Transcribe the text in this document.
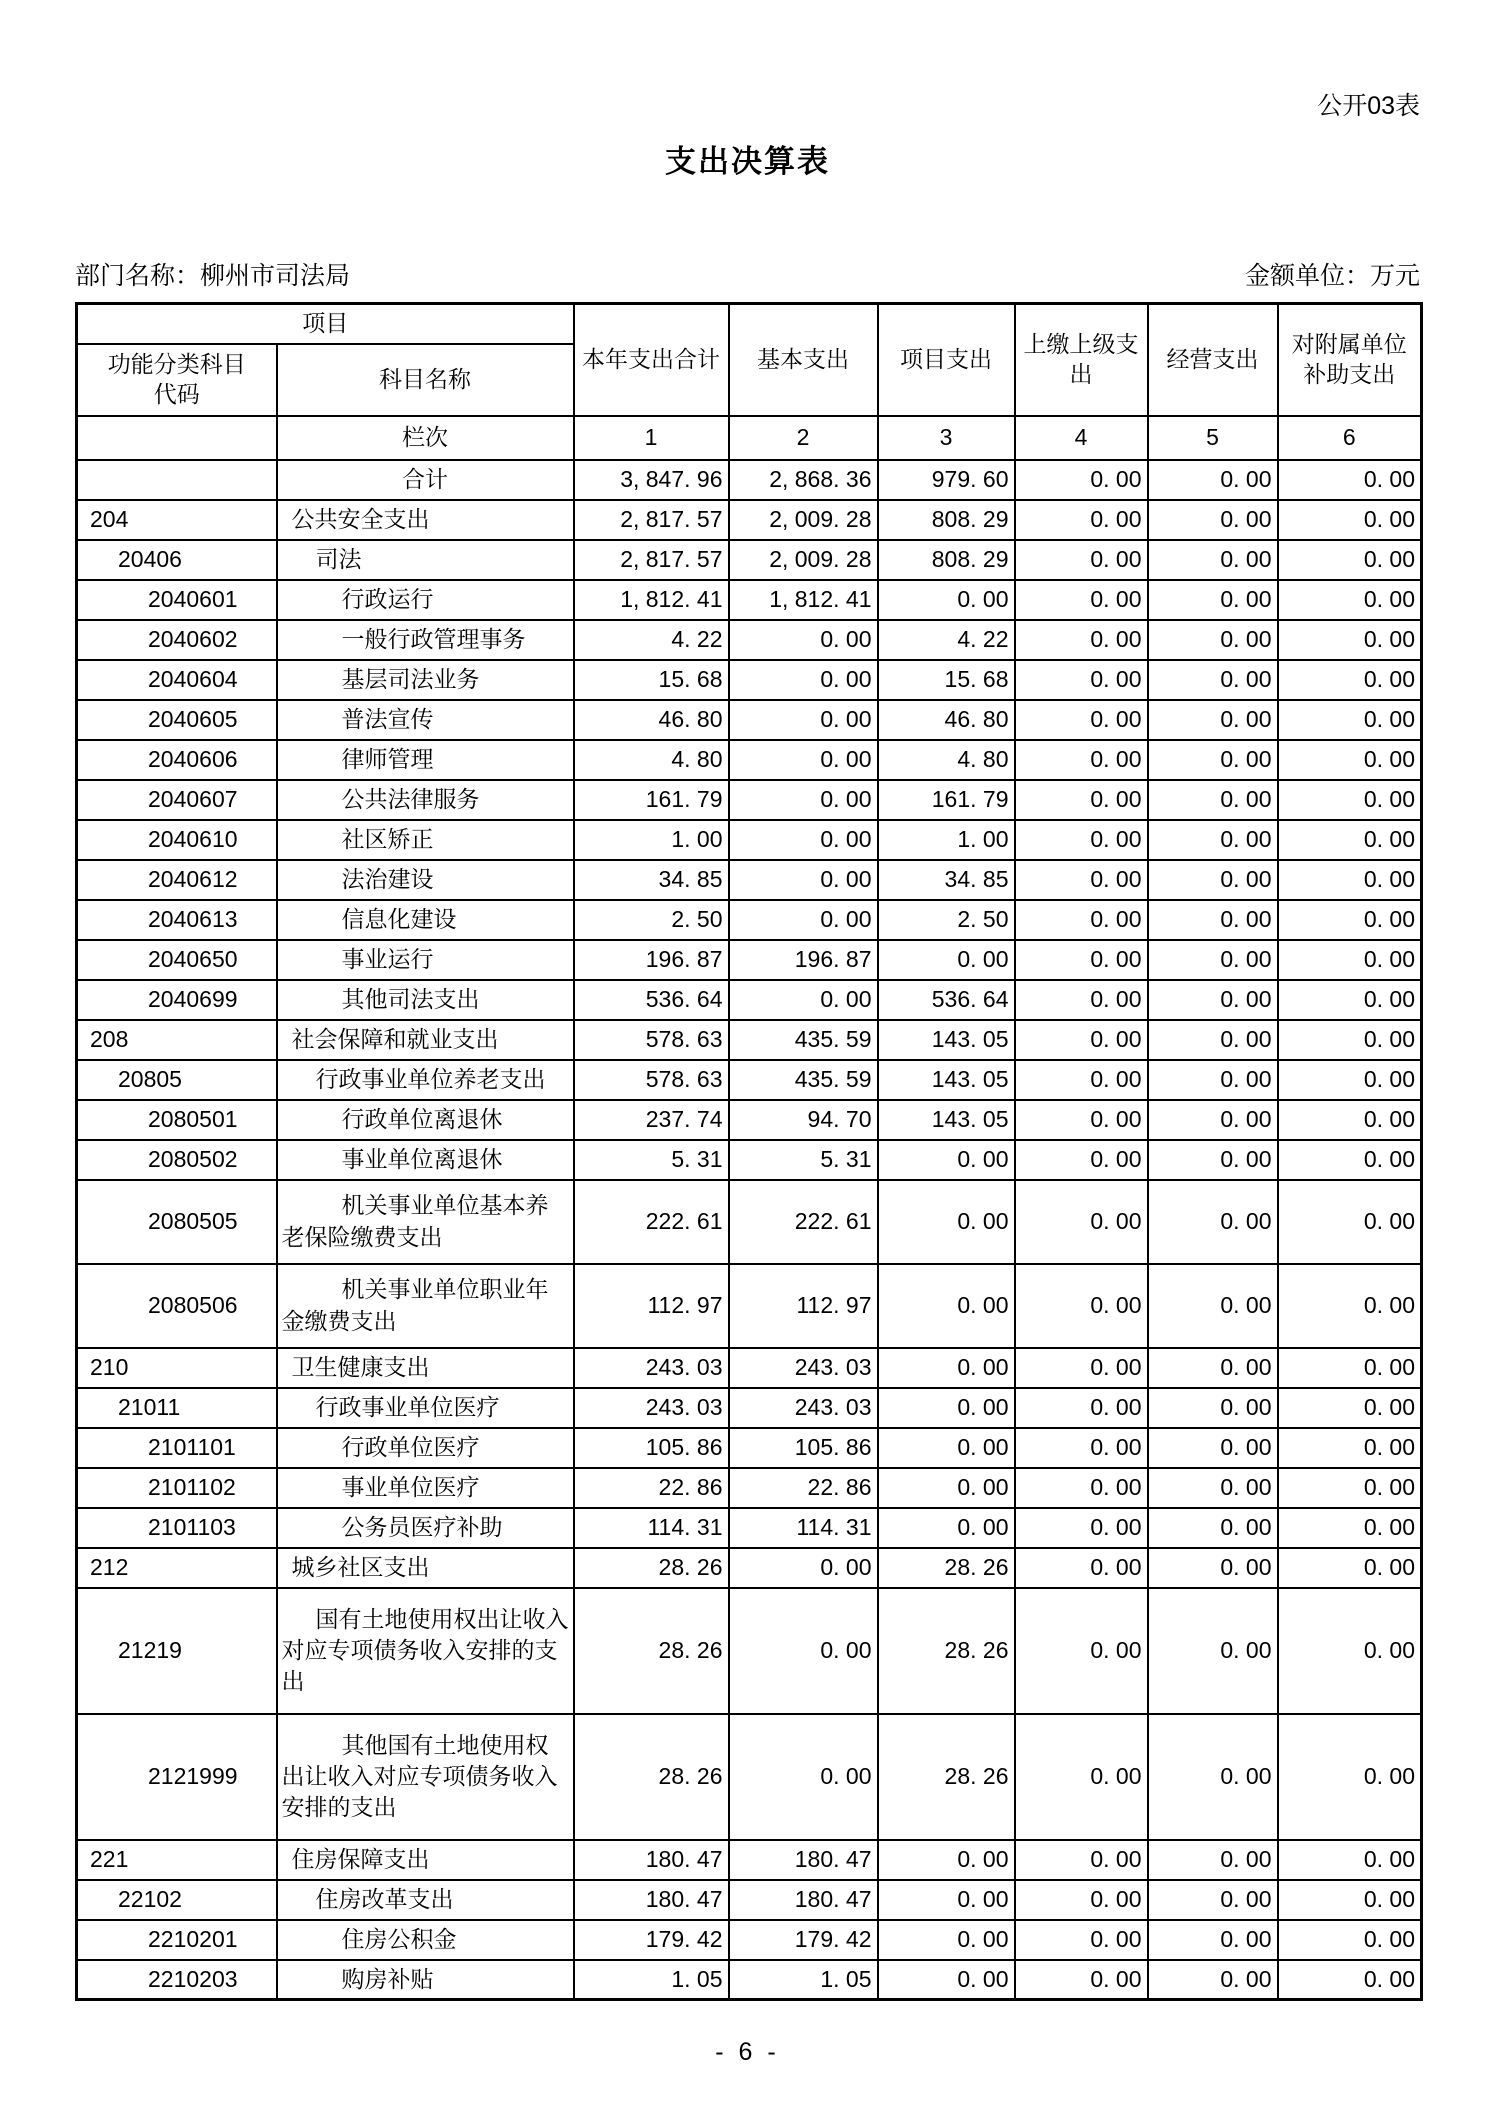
公开03表
支出决算表
部门名称：柳州市司法局	金额单位：万元
项目		本年支出合计	基本支出	项目支出	上缴上级支出	经营支出	对附属单位补助支出
功能分类科目代码	科目名称						
	栏次	1	2	3	4	5	6
	合计	3, 847. 96	2, 868. 36	979. 60	0. 00	0. 00	0. 00
204	公共安全支出	2, 817. 57	2, 009. 28	808. 29	0. 00	0. 00	0. 00
20406	司法	2, 817. 57	2, 009. 28	808. 29	0. 00	0. 00	0. 00
2040601	行政运行	1, 812. 41	1, 812. 41	0. 00	0. 00	0. 00	0. 00
2040602	一般行政管理事务	4. 22	0. 00	4. 22	0. 00	0. 00	0. 00
2040604	基层司法业务	15. 68	0. 00	15. 68	0. 00	0. 00	0. 00
2040605	普法宣传	46. 80	0. 00	46. 80	0. 00	0. 00	0. 00
2040606	律师管理	4. 80	0. 00	4. 80	0. 00	0. 00	0. 00
2040607	公共法律服务	161. 79	0. 00	161. 79	0. 00	0. 00	0. 00
2040610	社区矫正	1. 00	0. 00	1. 00	0. 00	0. 00	0. 00
2040612	法治建设	34. 85	0. 00	34. 85	0. 00	0. 00	0. 00
2040613	信息化建设	2. 50	0. 00	2. 50	0. 00	0. 00	0. 00
2040650	事业运行	196. 87	196. 87	0. 00	0. 00	0. 00	0. 00
2040699	其他司法支出	536. 64	0. 00	536. 64	0. 00	0. 00	0. 00
208	社会保障和就业支出	578. 63	435. 59	143. 05	0. 00	0. 00	0. 00
20805	行政事业单位养老支出	578. 63	435. 59	143. 05	0. 00	0. 00	0. 00
2080501	行政单位离退休	237. 74	94. 70	143. 05	0. 00	0. 00	0. 00
2080502	事业单位离退休	5. 31	5. 31	0. 00	0. 00	0. 00	0. 00
2080505	机关事业单位基本养老保险缴费支出	222. 61	222. 61	0. 00	0. 00	0. 00	0. 00
2080506	机关事业单位职业年金缴费支出	112. 97	112. 97	0. 00	0. 00	0. 00	0. 00
210	卫生健康支出	243. 03	243. 03	0. 00	0. 00	0. 00	0. 00
21011	行政事业单位医疗	243. 03	243. 03	0. 00	0. 00	0. 00	0. 00
2101101	行政单位医疗	105. 86	105. 86	0. 00	0. 00	0. 00	0. 00
2101102	事业单位医疗	22. 86	22. 86	0. 00	0. 00	0. 00	0. 00
2101103	公务员医疗补助	114. 31	114. 31	0. 00	0. 00	0. 00	0. 00
212	城乡社区支出	28. 26	0. 00	28. 26	0. 00	0. 00	0. 00
21219	国有土地使用权出让收入对应专项债务收入安排的支出	28. 26	0. 00	28. 26	0. 00	0. 00	0. 00
2121999	其他国有土地使用权出让收入对应专项债务收入安排的支出	28. 26	0. 00	28. 26	0. 00	0. 00	0. 00
221	住房保障支出	180. 47	180. 47	0. 00	0. 00	0. 00	0. 00
22102	住房改革支出	180. 47	180. 47	0. 00	0. 00	0. 00	0. 00
2210201	住房公积金	179. 42	179. 42	0. 00	0. 00	0. 00	0. 00
2210203	购房补贴	1. 05	1. 05	0. 00	0. 00	0. 00	0. 00
- 6 -
